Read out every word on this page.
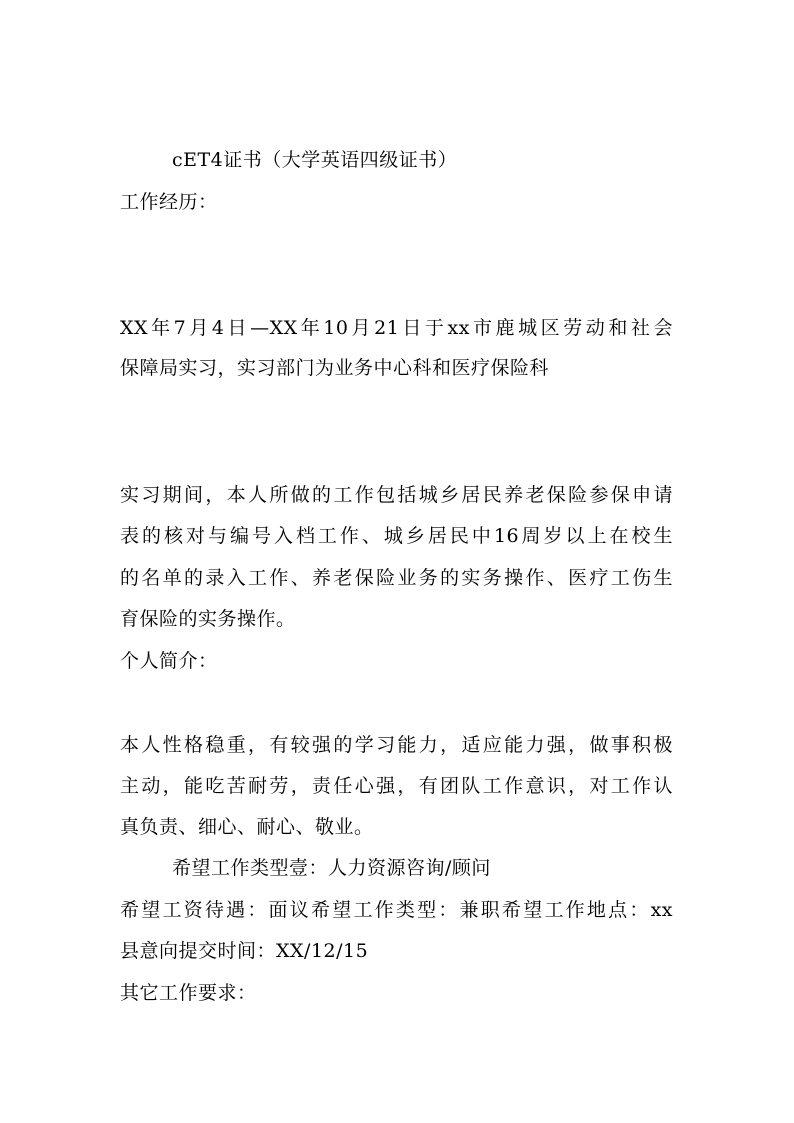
cET4证书（大学英语四级证书）
工作经历：
XX年7月4日—XX年10月21日于xx市鹿城区劳动和社会
保障局实习，实习部门为业务中心科和医疗保险科
实习期间，本人所做的工作包括城乡居民养老保险参保申请
表的核对与编号入档工作、城乡居民中16周岁以上在校生
的名单的录入工作、养老保险业务的实务操作、医疗工伤生
育保险的实务操作。
个人简介：
本人性格稳重，有较强的学习能力，适应能力强，做事积极
主动，能吃苦耐劳，责任心强，有团队工作意识，对工作认
真负责、细心、耐心、敬业。
希望工作类型壹：人力资源咨询/顾问
希望工资待遇：面议希望工作类型：兼职希望工作地点：xx
县意向提交时间：XX/12/15
其它工作要求：
